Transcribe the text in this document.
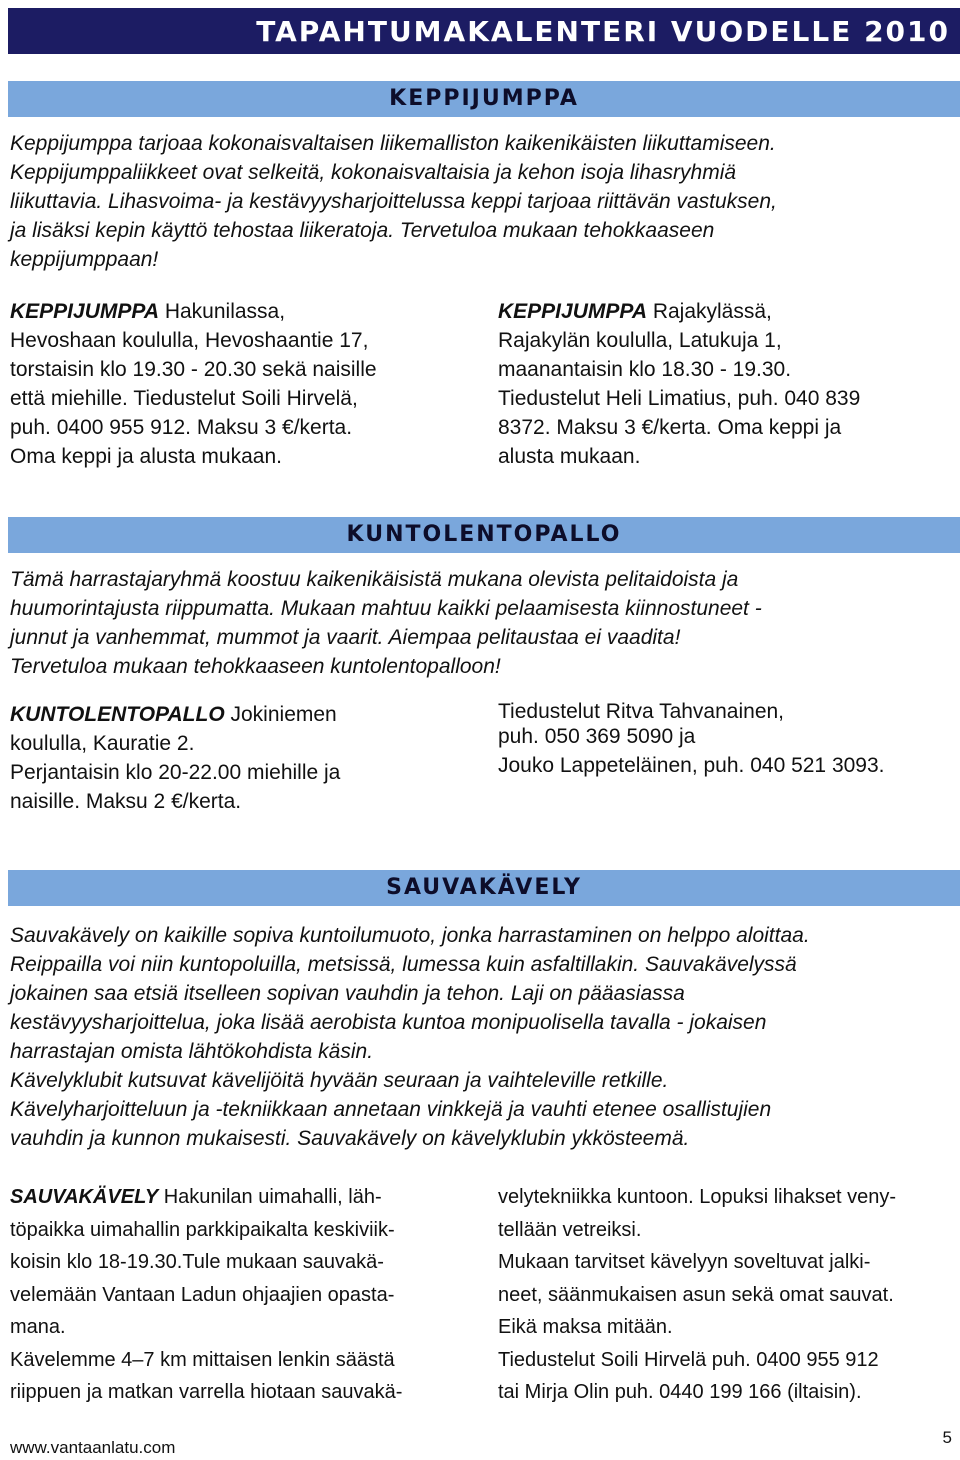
TAPAHTUMAKALENTERI VUODELLE 2010
KEPPIJUMPPA
Keppijumppa tarjoaa kokonaisvaltaisen liikemalliston kaikenikäisten liikuttamiseen.
Keppijumppaliikkeet ovat selkeitä, kokonaisvaltaisia ja kehon isoja lihasryhmiä
liikuttavia. Lihasvoima- ja kestävyysharjoittelussa keppi tarjoaa riittävän vastuksen,
ja lisäksi kepin käyttö tehostaa liikeratoja. Tervetuloa mukaan tehokkaaseen
keppijumppaan!
KEPPIJUMPPA Hakunilassa,
Hevoshaan koululla, Hevoshaantie 17,
torstaisin klo 19.30 - 20.30 sekä naisille
että miehille. Tiedustelut Soili Hirvelä,
puh. 0400 955 912. Maksu 3 €/kerta.
Oma keppi ja alusta mukaan.
KEPPIJUMPPA Rajakylässä,
Rajakylän koululla, Latukuja 1,
maanantaisin klo 18.30 - 19.30.
Tiedustelut Heli Limatius, puh. 040 839
8372. Maksu 3 €/kerta. Oma keppi ja
alusta mukaan.
KUNTOLENTOPALLO
Tämä harrastajaryhmä koostuu kaikenikäisistä mukana olevista pelitaidoista ja
huumorintajusta riippumatta. Mukaan mahtuu kaikki pelaamisesta kiinnostuneet -
junnut ja vanhemmat, mummot ja vaarit. Aiempaa pelitaustaa ei vaadita!
Tervetuloa mukaan tehokkaaseen kuntolentopalloon!
KUNTOLENTOPALLO Jokiniemen
koululla, Kauratie 2.
Perjantaisin klo 20-22.00 miehille ja
naisille. Maksu 2 €/kerta.
Tiedustelut Ritva Tahvanainen,
puh. 050 369 5090 ja
Jouko Lappeteläinen, puh. 040 521 3093.
SAUVAKÄVELY
Sauvakävely on kaikille sopiva kuntoilumuoto, jonka harrastaminen on helppo aloittaa.
Reippailla voi niin kuntopoluilla, metsissä, lumessa kuin asfaltillakin. Sauvakävelyssä
jokainen saa etsiä itselleen sopivan vauhdin ja tehon. Laji on pääasiassa
kestävyysharjoittelua, joka lisää aerobista kuntoa monipuolisella tavalla - jokaisen
harrastajan omista lähtökohdista käsin.
Kävelyklubit kutsuvat kävelijöitä hyvään seuraan ja vaihteleville retkille.
Kävelyharjoitteluun ja -tekniikkaan annetaan vinkkejä ja vauhti etenee osallistujien
vauhdin ja kunnon mukaisesti. Sauvakävely on kävelyklubin ykkösteemä.
SAUVAKÄVELY Hakunilan uimahalli, läh-
töpaikka uimahallin parkkipaikalta keskiviik-
koisin klo 18-19.30.Tule mukaan sauvakä-
velemään Vantaan Ladun ohjaajien opasta-
mana.
Kävelemme 4–7 km mittaisen lenkin säästä
riippuen ja matkan varrella hiotaan sauvakä-
velytekniikka kuntoon. Lopuksi lihakset veny-
tellään vetreiksi.
Mukaan tarvitset kävelyyn soveltuvat jalki-
neet, säänmukaisen asun sekä omat sauvat.
Eikä maksa mitään.
Tiedustelut Soili Hirvelä puh. 0400 955 912
tai Mirja Olin puh. 0440 199 166 (iltaisin).
www.vantaanlatu.com
5
